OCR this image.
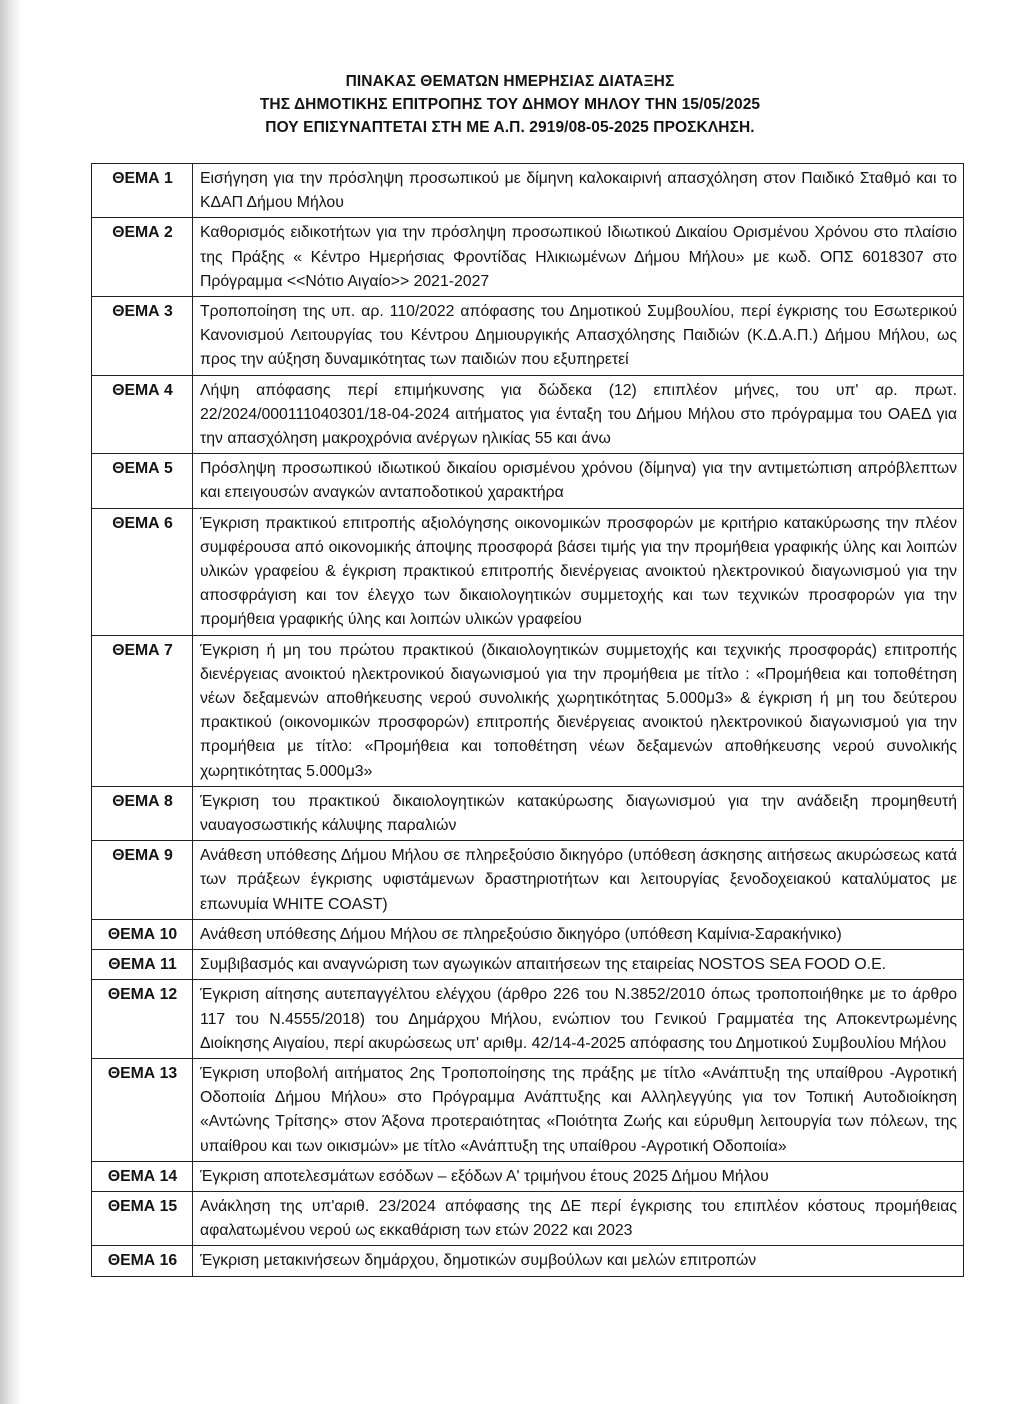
ΠΙΝΑΚΑΣ ΘΕΜΑΤΩΝ ΗΜΕΡΗΣΙΑΣ ΔΙΑΤΑΞΗΣ
ΤΗΣ ΔΗΜΟΤΙΚΗΣ ΕΠΙΤΡΟΠΗΣ ΤΟΥ ΔΗΜΟΥ ΜΗΛΟΥ ΤΗΝ 15/05/2025
ΠΟΥ ΕΠΙΣΥΝΑΠΤΕΤΑΙ ΣΤΗ ΜΕ Α.Π. 2919/08-05-2025 ΠΡΟΣΚΛΗΣΗ.
ΘΕΜΑ 1	Εισήγηση για την πρόσληψη προσωπικού με δίμηνη καλοκαιρινή απασχόληση στον Παιδικό Σταθμό και το ΚΔΑΠ Δήμου Μήλου
ΘΕΜΑ 2	Καθορισμός ειδικοτήτων για την πρόσληψη προσωπικού Ιδιωτικού Δικαίου Ορισμένου Χρόνου στο πλαίσιο της Πράξης « Κέντρο Ημερήσιας Φροντίδας Ηλικιωμένων Δήμου Μήλου» με κωδ. ΟΠΣ 6018307 στο Πρόγραμμα <<Νότιο Αιγαίο>> 2021-2027
ΘΕΜΑ 3	Τροποποίηση της υπ. αρ. 110/2022 απόφασης του Δημοτικού Συμβουλίου, περί έγκρισης του Εσωτερικού Κανονισμού Λειτουργίας του Κέντρου Δημιουργικής Απασχόλησης Παιδιών (Κ.Δ.Α.Π.) Δήμου Μήλου, ως προς την αύξηση δυναμικότητας των παιδιών που εξυπηρετεί
ΘΕΜΑ 4	Λήψη απόφασης περί επιμήκυνσης για δώδεκα (12) επιπλέον μήνες, του υπ' αρ. πρωτ. 22/2024/000111040301/18-04-2024 αιτήματος για ένταξη του Δήμου Μήλου στο πρόγραμμα του ΟΑΕΔ για την απασχόληση μακροχρόνια ανέργων ηλικίας 55 και άνω
ΘΕΜΑ 5	Πρόσληψη προσωπικού ιδιωτικού δικαίου ορισμένου χρόνου (δίμηνα) για την αντιμετώπιση απρόβλεπτων και επειγουσών αναγκών ανταποδοτικού χαρακτήρα
ΘΕΜΑ 6	Έγκριση πρακτικού επιτροπής αξιολόγησης οικονομικών προσφορών με κριτήριο κατακύρωσης την πλέον συμφέρουσα από οικονομικής άποψης προσφορά βάσει τιμής για την προμήθεια γραφικής ύλης και λοιπών υλικών γραφείου & έγκριση πρακτικού επιτροπής διενέργειας ανοικτού ηλεκτρονικού διαγωνισμού για την αποσφράγιση και τον έλεγχο των δικαιολογητικών συμμετοχής και των τεχνικών προσφορών για την προμήθεια γραφικής ύλης και λοιπών υλικών γραφείου
ΘΕΜΑ 7	Έγκριση ή μη του πρώτου πρακτικού (δικαιολογητικών συμμετοχής και τεχνικής προσφοράς) επιτροπής διενέργειας ανοικτού ηλεκτρονικού διαγωνισμού για την προμήθεια με τίτλο : «Προμήθεια και τοποθέτηση νέων δεξαμενών αποθήκευσης νερού συνολικής χωρητικότητας 5.000μ3» & έγκριση ή μη του δεύτερου πρακτικού (οικονομικών προσφορών) επιτροπής διενέργειας ανοικτού ηλεκτρονικού διαγωνισμού για την προμήθεια με τίτλο: «Προμήθεια και τοποθέτηση νέων δεξαμενών αποθήκευσης νερού συνολικής χωρητικότητας 5.000μ3»
ΘΕΜΑ 8	Έγκριση του πρακτικού δικαιολογητικών κατακύρωσης διαγωνισμού για την ανάδειξη προμηθευτή ναυαγοσωστικής κάλυψης παραλιών
ΘΕΜΑ 9	Ανάθεση υπόθεσης Δήμου Μήλου σε πληρεξούσιο δικηγόρο (υπόθεση άσκησης αιτήσεως ακυρώσεως κατά των πράξεων έγκρισης υφιστάμενων δραστηριοτήτων και λειτουργίας ξενοδοχειακού καταλύματος με επωνυμία WHITE COAST)
ΘΕΜΑ 10	Ανάθεση υπόθεσης Δήμου Μήλου σε πληρεξούσιο δικηγόρο (υπόθεση Καμίνια-Σαρακήνικο)
ΘΕΜΑ 11	Συμβιβασμός και αναγνώριση των αγωγικών απαιτήσεων της εταιρείας NOSTOS SEA FOOD Ο.Ε.
ΘΕΜΑ 12	Έγκριση αίτησης αυτεπαγγέλτου ελέγχου (άρθρο 226 του Ν.3852/2010 όπως τροποποιήθηκε με το άρθρο 117 του Ν.4555/2018) του Δημάρχου Μήλου, ενώπιον του Γενικού Γραμματέα της Αποκεντρωμένης Διοίκησης Αιγαίου, περί ακυρώσεως υπ' αριθμ. 42/14-4-2025 απόφασης του Δημοτικού Συμβουλίου Μήλου
ΘΕΜΑ 13	Έγκριση υποβολή αιτήματος 2ης Τροποποίησης της πράξης με τίτλο «Ανάπτυξη της υπαίθρου -Αγροτική Οδοποιία Δήμου Μήλου» στο Πρόγραμμα Ανάπτυξης και Αλληλεγγύης για τον Τοπική Αυτοδιοίκηση «Αντώνης Τρίτσης» στον Άξονα προτεραιότητας «Ποιότητα Ζωής και εύρυθμη λειτουργία των πόλεων, της υπαίθρου και των οικισμών» με τίτλο «Ανάπτυξη της υπαίθρου -Αγροτική Οδοποιία»
ΘΕΜΑ 14	Έγκριση αποτελεσμάτων εσόδων – εξόδων Α' τριμήνου έτους 2025 Δήμου Μήλου
ΘΕΜΑ 15	Ανάκληση της υπ'αριθ. 23/2024 απόφασης της ΔΕ περί έγκρισης του επιπλέον κόστους προμήθειας αφαλατωμένου νερού ως εκκαθάριση των ετών 2022 και 2023
ΘΕΜΑ 16	Έγκριση μετακινήσεων δημάρχου, δημοτικών συμβούλων και μελών επιτροπών
